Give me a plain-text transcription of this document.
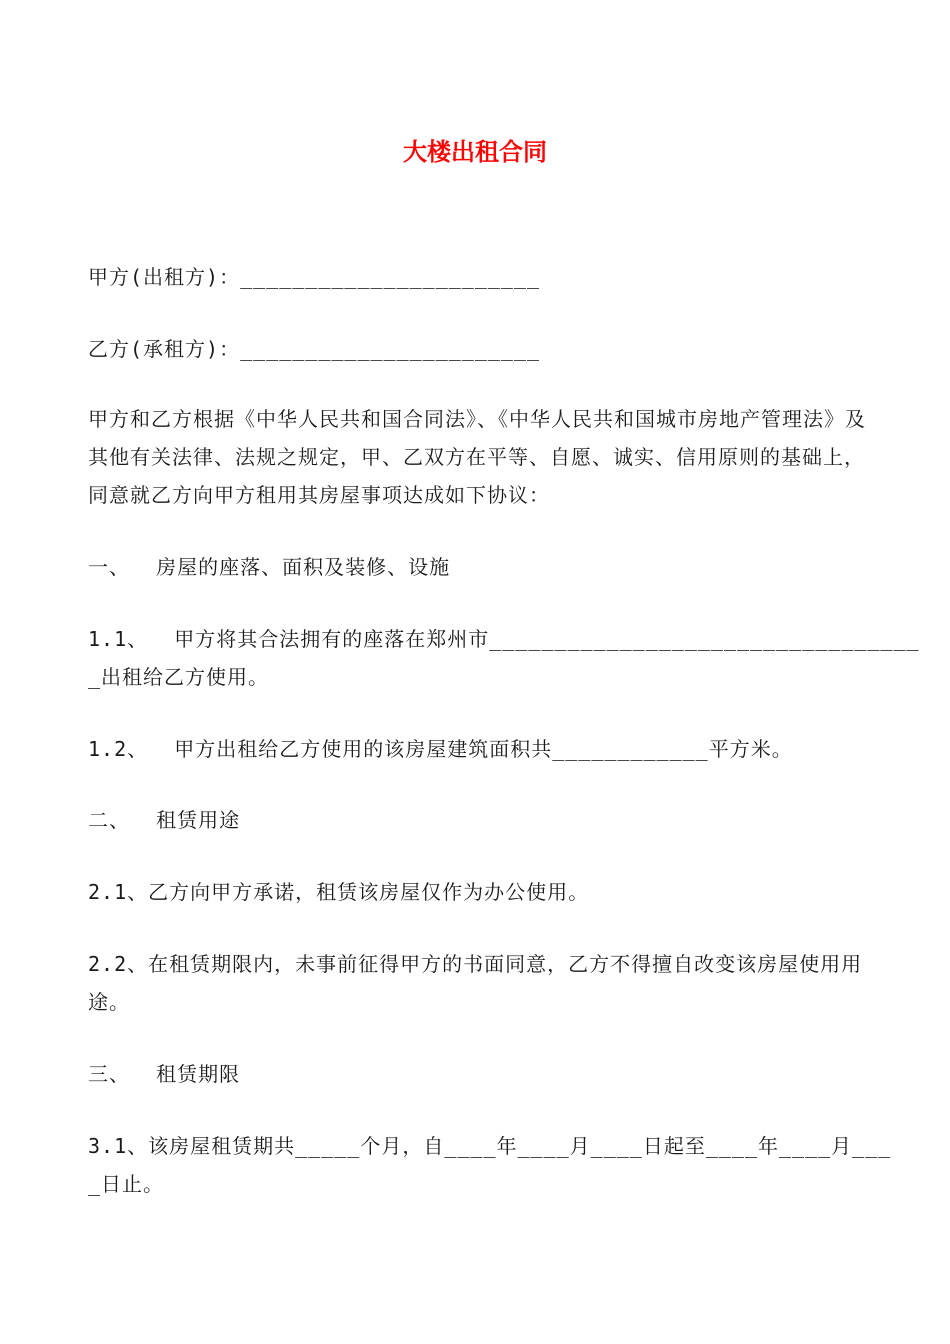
大楼出租合同
甲方(出租方)：_______________________
乙方(承租方)：_______________________
甲方和乙方根据《中华人民共和国合同法》、《中华人民共和国城市房地产管理法》及其他有关法律、法规之规定，甲、乙双方在平等、自愿、诚实、信用原则的基础上，同意就乙方向甲方租用其房屋事项达成如下协议：
一、  房屋的座落、面积及装修、设施
1.1、  甲方将其合法拥有的座落在郑州市_________________________________
_出租给乙方使用。
1.2、  甲方出租给乙方使用的该房屋建筑面积共____________平方米。
二、  租赁用途
2.1、乙方向甲方承诺，租赁该房屋仅作为办公使用。
2.2、在租赁期限内，未事前征得甲方的书面同意，乙方不得擅自改变该房屋使用用途。
三、  租赁期限
3.1、该房屋租赁期共_____个月，自____年____月____日起至____年____月___
_日止。
